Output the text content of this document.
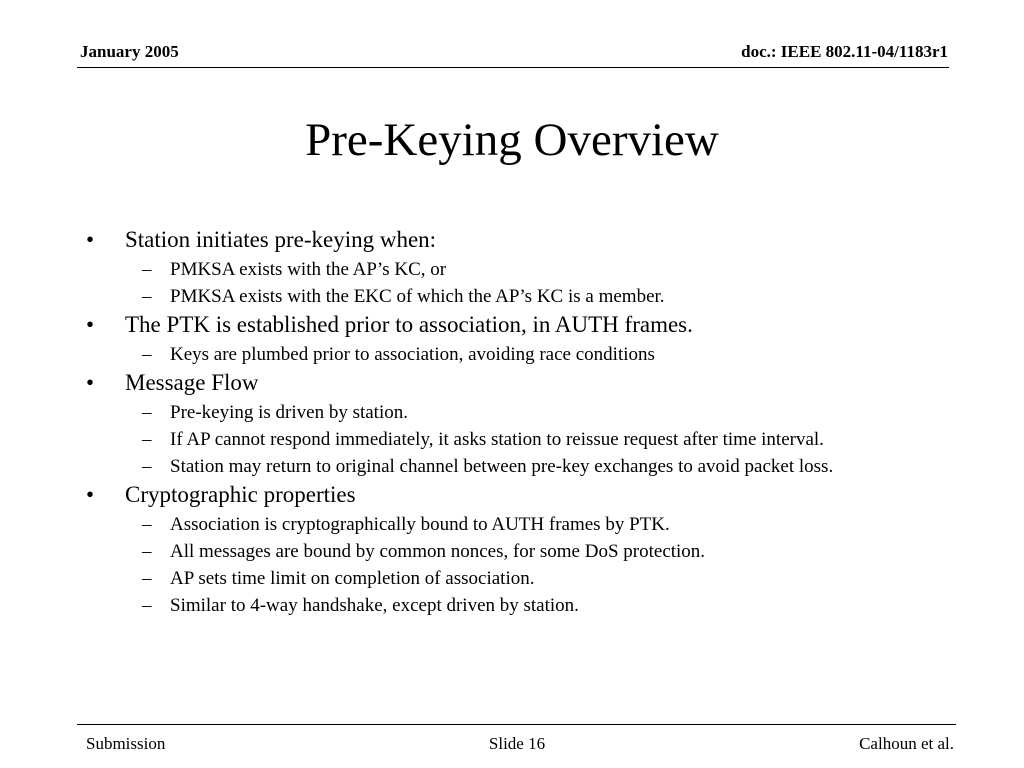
January 2005	doc.: IEEE 802.11-04/1183r1
Pre-Keying Overview
• Station initiates pre-keying when:
– PMKSA exists with the AP’s KC, or
– PMKSA exists with the EKC of which the AP’s KC is a member.
• The PTK is established prior to association, in AUTH frames.
– Keys are plumbed prior to association, avoiding race conditions
• Message Flow
– Pre-keying is driven by station.
– If AP cannot respond immediately, it asks station to reissue request after time interval.
– Station may return to original channel between pre-key exchanges to avoid packet loss.
• Cryptographic properties
– Association is cryptographically bound to AUTH frames by PTK.
– All messages are bound by common nonces, for some DoS protection.
– AP sets time limit on completion of association.
– Similar to 4-way handshake, except driven by station.
Submission	Slide 16	Calhoun et al.
